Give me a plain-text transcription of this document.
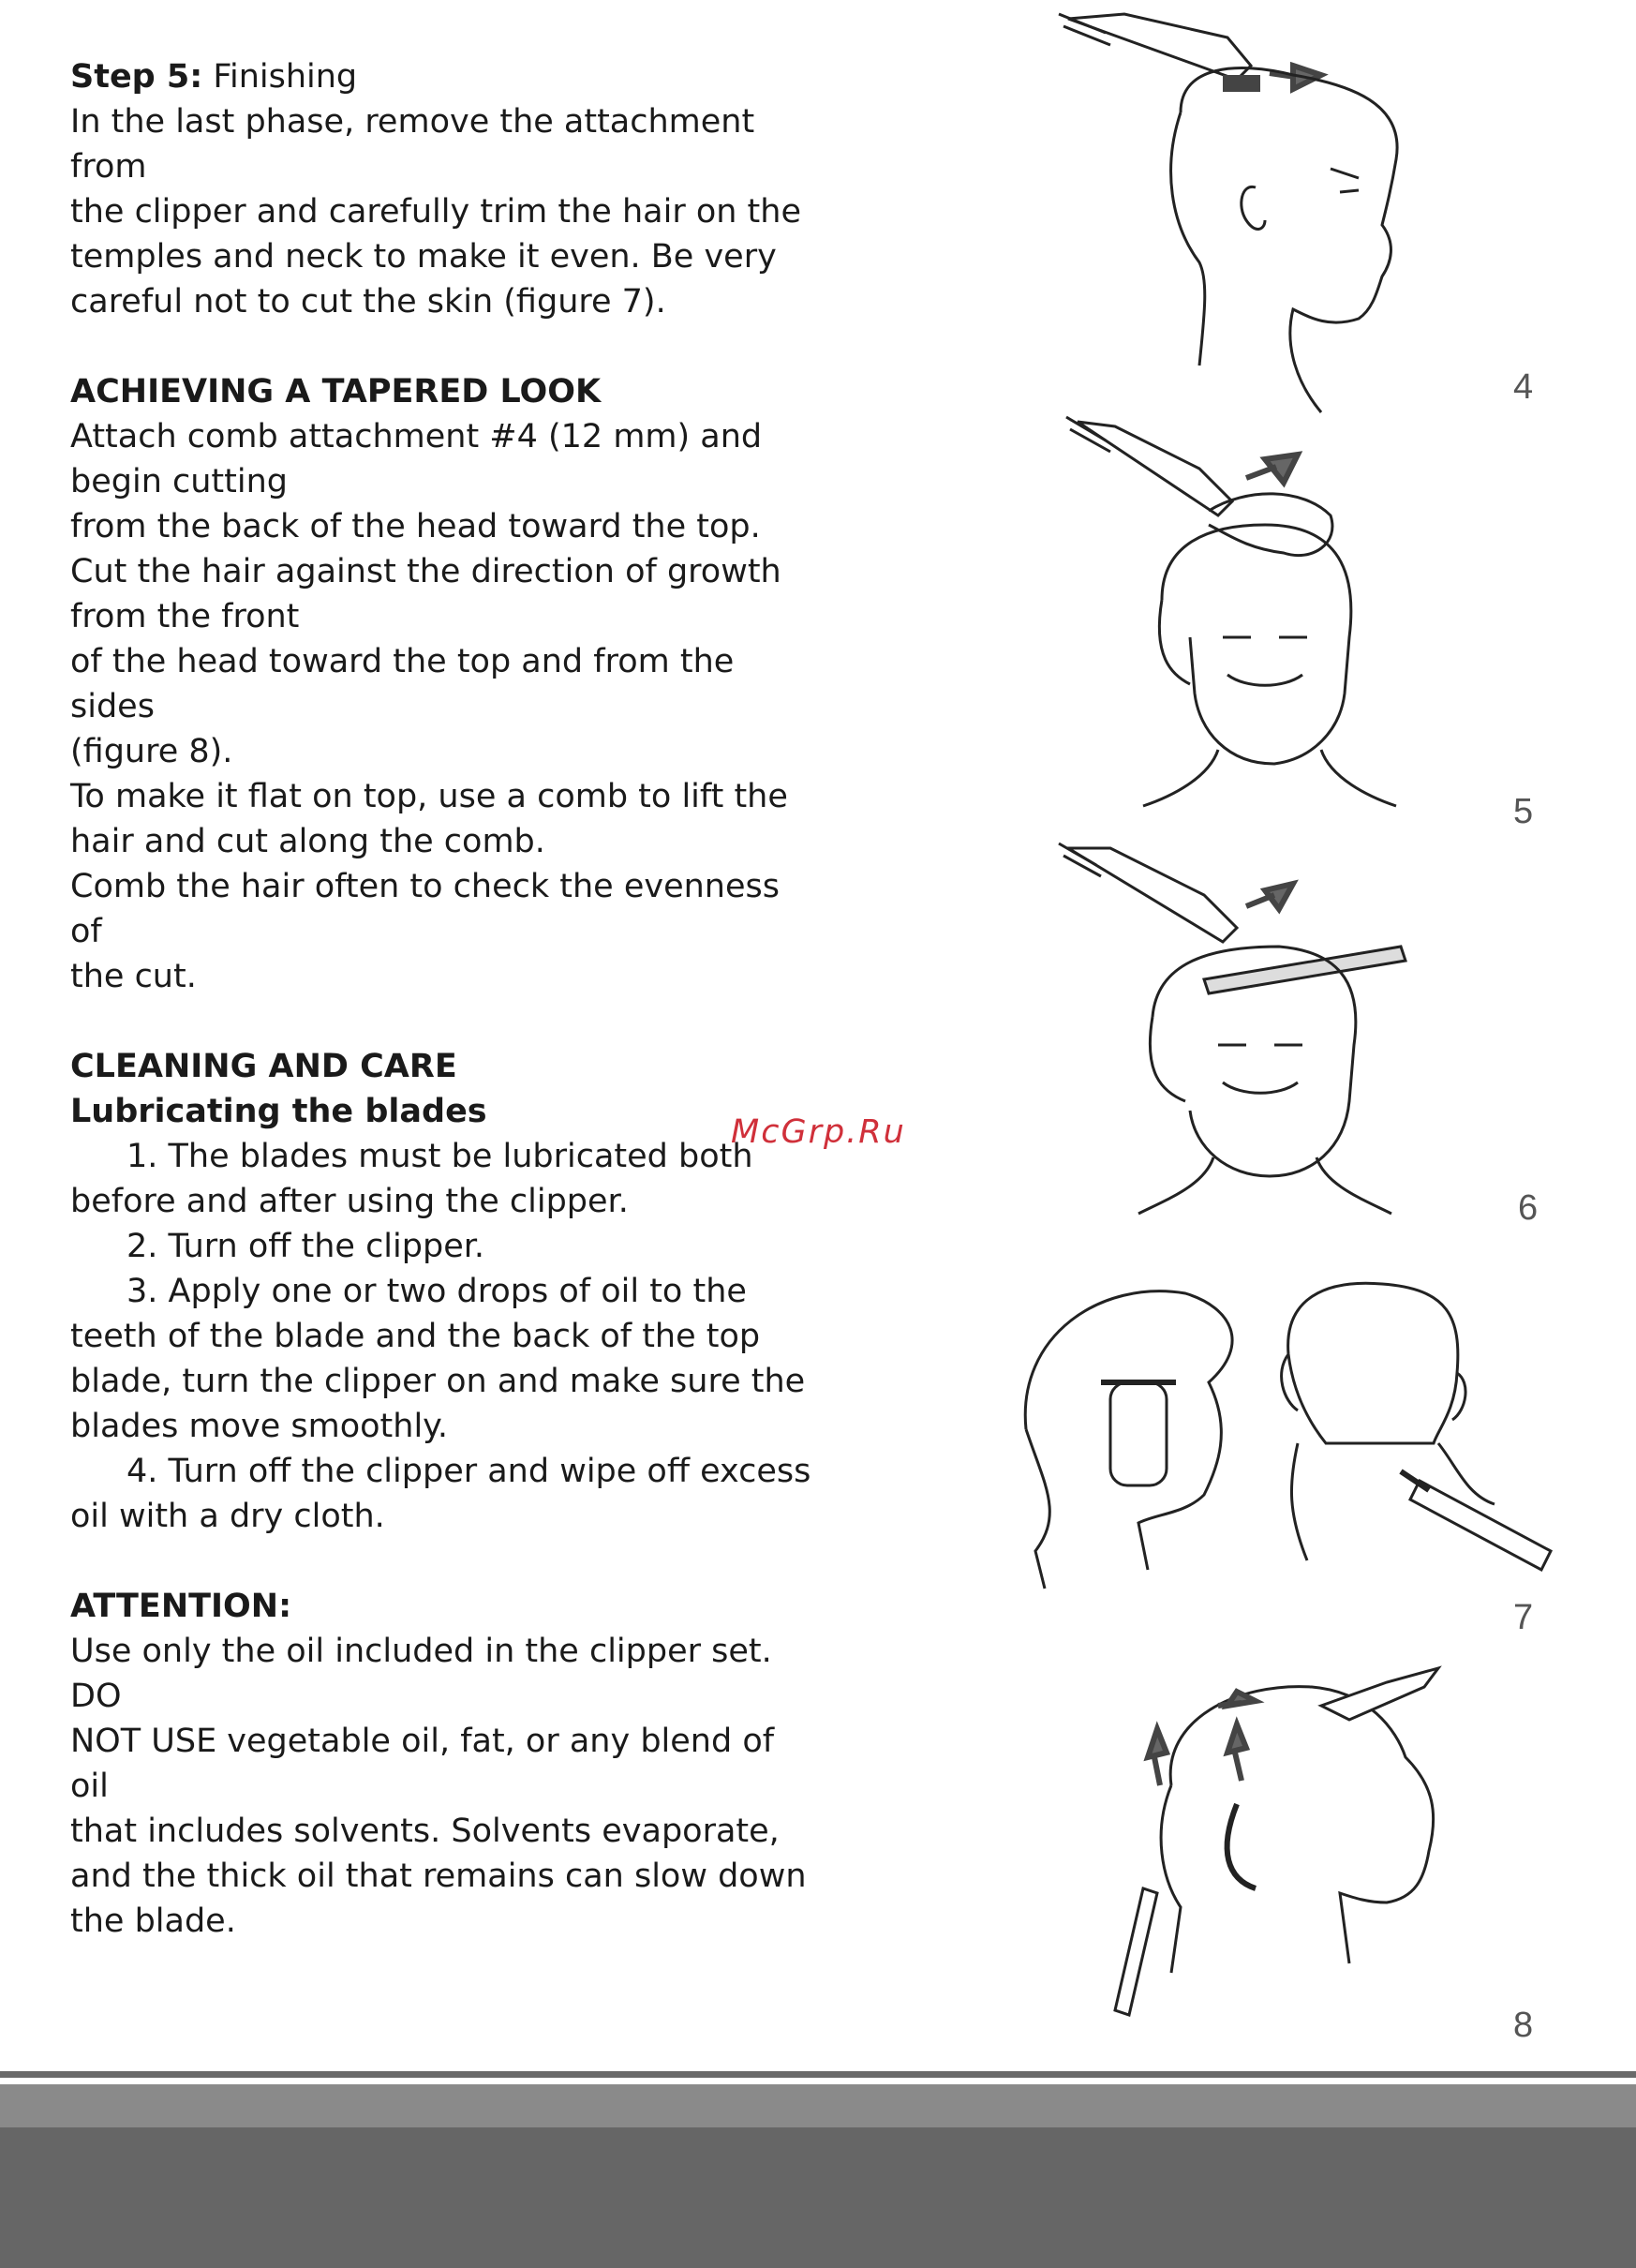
Step 5: Finishing

In the last phase, remove the attachment from

the clipper and carefully trim the hair on the

temples and neck to make it even. Be very

careful not to cut the skin (figure 7).

ACHIEVING A TAPERED LOOK

Attach comb attachment #4 (12 mm) and

begin cutting

from the back of the head toward the top.

Cut the hair against the direction of growth

from the front

of the head toward the top and from the sides

(figure 8).

To make it flat on top, use a comb to lift the

hair and cut along the comb.

Comb the hair often to check the evenness of

the cut.

CLEANING AND CARE

Lubricating the blades

1. The blades must be lubricated both

before and after using the clipper.

2. Turn off the clipper.

3. Apply one or two drops of oil to the

teeth of the blade and the back of the top

blade, turn the clipper on and make sure the

blades move smoothly.

4. Turn off the clipper and wipe off excess

oil with a dry cloth.

ATTENTION:

Use only the oil included in the clipper set. DO

NOT USE vegetable oil, fat, or any blend of oil

that includes solvents. Solvents evaporate,

and the thick oil that remains can slow down

the blade.

McGrp.Ru
4
5
6
7
8
